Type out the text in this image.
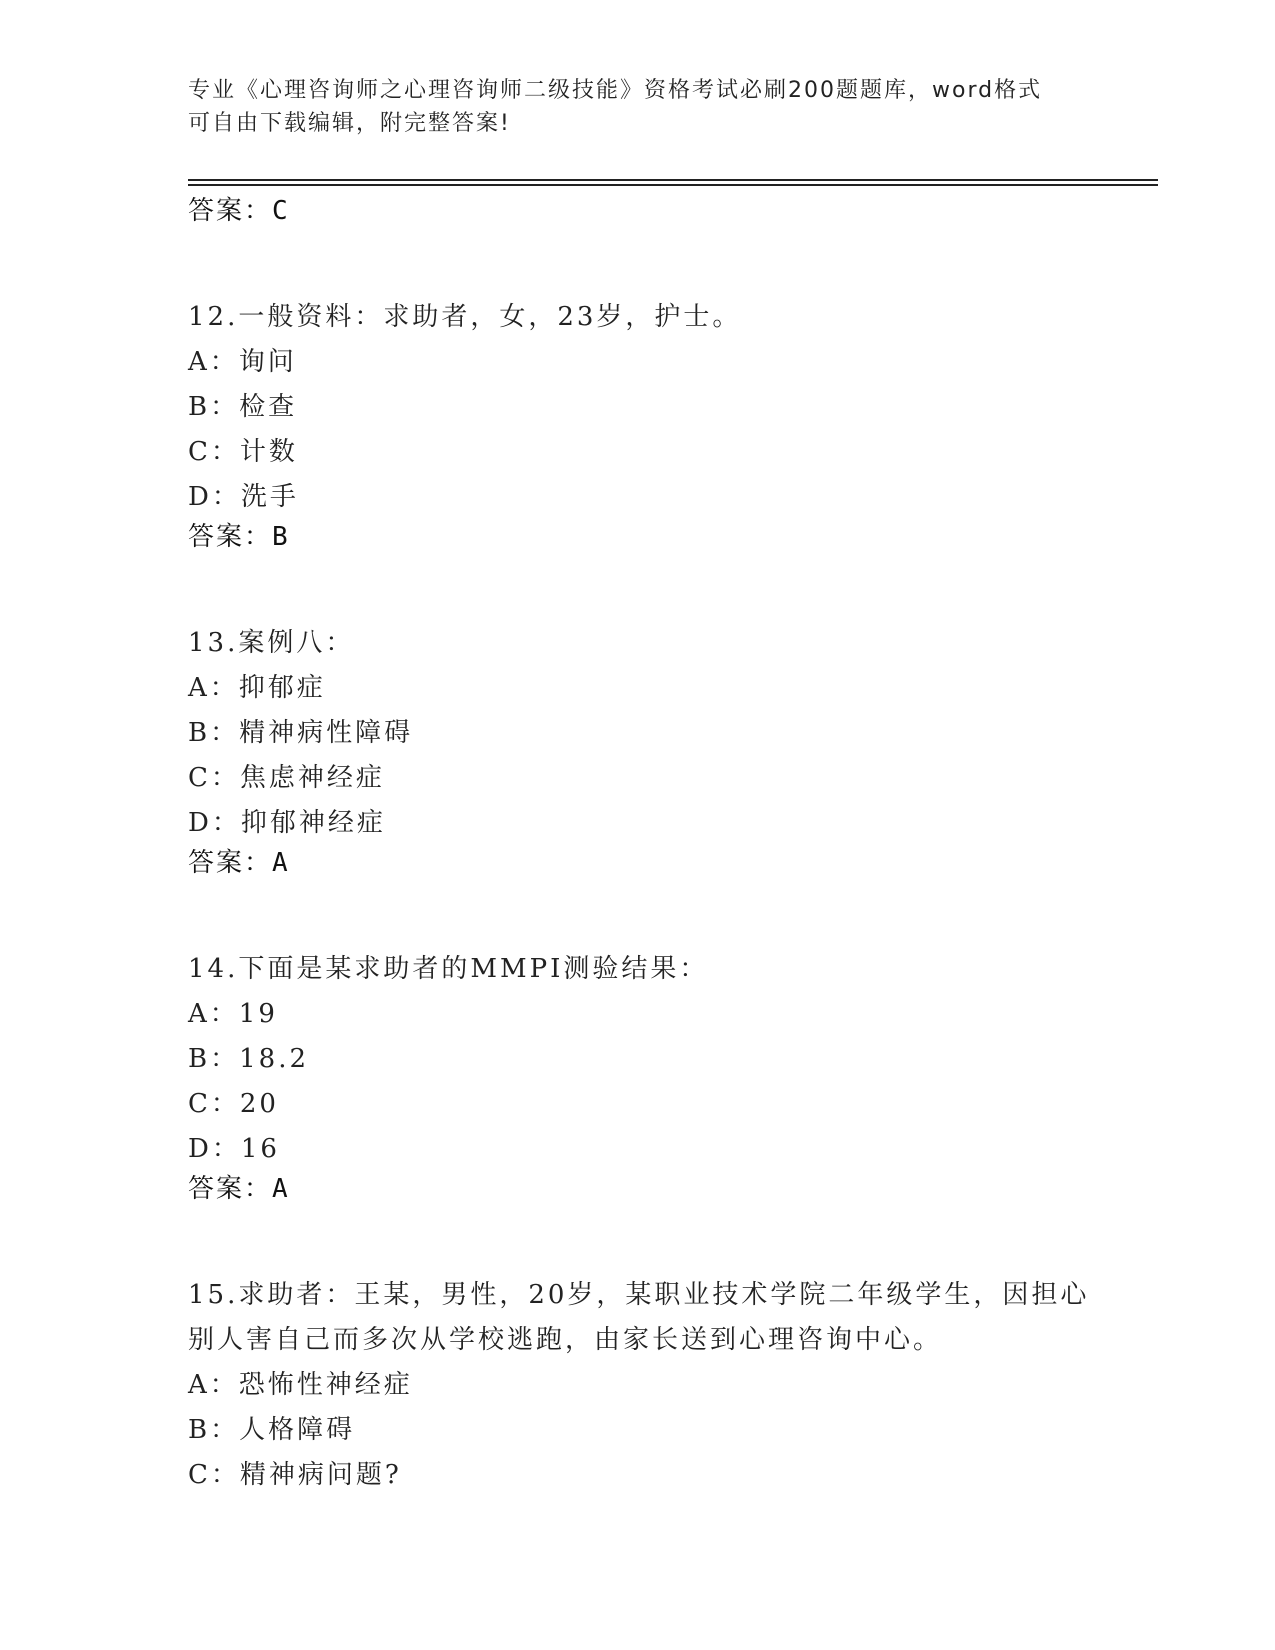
专业《心理咨询师之心理咨询师二级技能》资格考试必刷200题题库，word格式
可自由下载编辑，附完整答案!
答案：C
12.一般资料：求助者，女，23岁，护士。
A：询问
B：检查
C：计数
D：洗手
答案：B
13.案例八：
A：抑郁症
B：精神病性障碍
C：焦虑神经症
D：抑郁神经症
答案：A
14.下面是某求助者的MMPI测验结果：
A：19
B：18.2
C：20
D：16
答案：A
15.求助者：王某，男性，20岁，某职业技术学院二年级学生，因担心
别人害自己而多次从学校逃跑，由家长送到心理咨询中心。
A：恐怖性神经症
B：人格障碍
C：精神病问题?
